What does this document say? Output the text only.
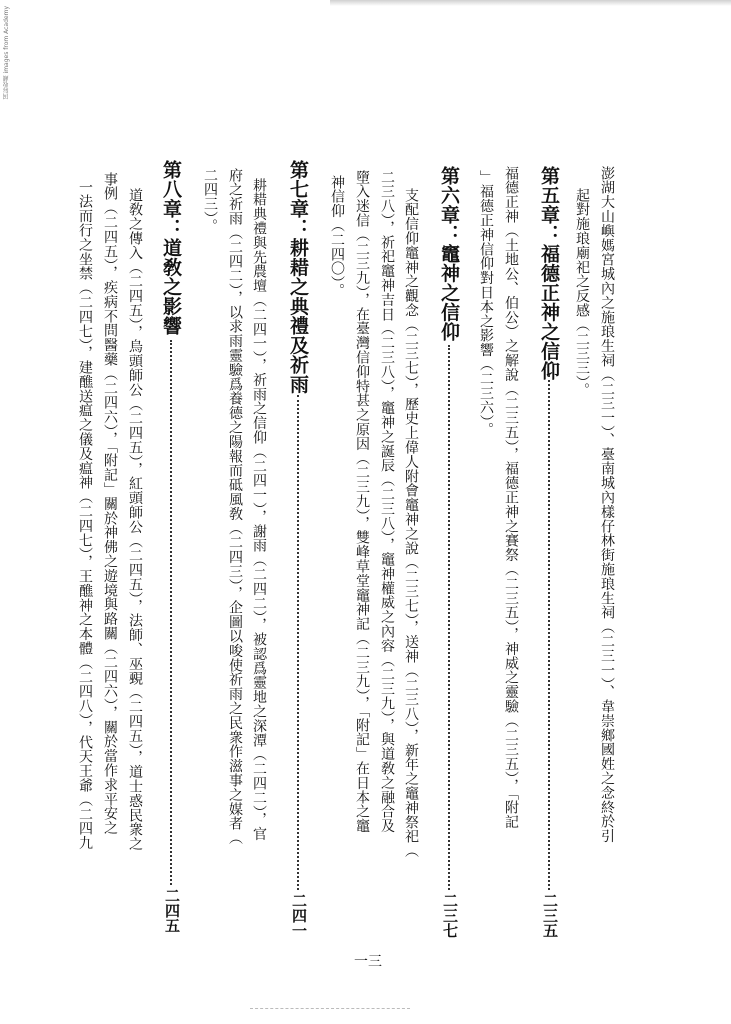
国际收藏 images from Academy
澎湖大山嶼媽宮城內之施琅生祠（二三一）、臺南城內樣仔林街施琅生祠（二三一）、韋崇鄉國姓之念終於引
起對施琅廟祀之反感（二三三）。
第五章：福德正神之信仰
二三五
福德正神（土地公、伯公）之解說（二三五），福德正神之賽祭（二三五），神威之靈驗（二三五），「附記
」福德正神信仰對日本之影響（二三六）。
第六章：竈神之信仰
二三七
支配信仰竈神之觀念（二三七），歷史上偉人附會竈神之說（二三七），送神（二三八），新年之竈神祭祀（
二三八），祈祀竈神吉日（二三八），竈神之誕辰（二三八），竈神權威之內容（二三九），與道敎之融合及
墮入迷信（二三九），在臺灣信仰特甚之原因（二三九），雙峰草堂竈神記（二三九），「附記」在日本之竈
神信仰（二四〇）。
第七章：耕耤之典禮及祈雨
二四一
耕耤典禮與先農壇（二四一），祈雨之信仰（二四一），謝雨（二四二），被認爲靈地之深潭（二四二），官
府之祈雨（二四二），以求雨靈驗爲養德之陽報而砥風敎（二四三），企圖以唆使祈雨之民衆作滋事之媒者（
二四三）。
第八章：道敎之影響
二四五
道敎之傳入（二四五），烏頭師公（二四五），紅頭師公（二四五），法師、巫覡（二四五），道士惑民衆之
事例（二四五），疾病不問醫藥（二四六），「附記」關於神佛之遊境與路關（二四六），關於當作求平安之
一法而行之坐禁（二四七），建醮送瘟之儀及瘟神（二四七），王醮神之本體（二四八），代天王爺（二四九
一三
